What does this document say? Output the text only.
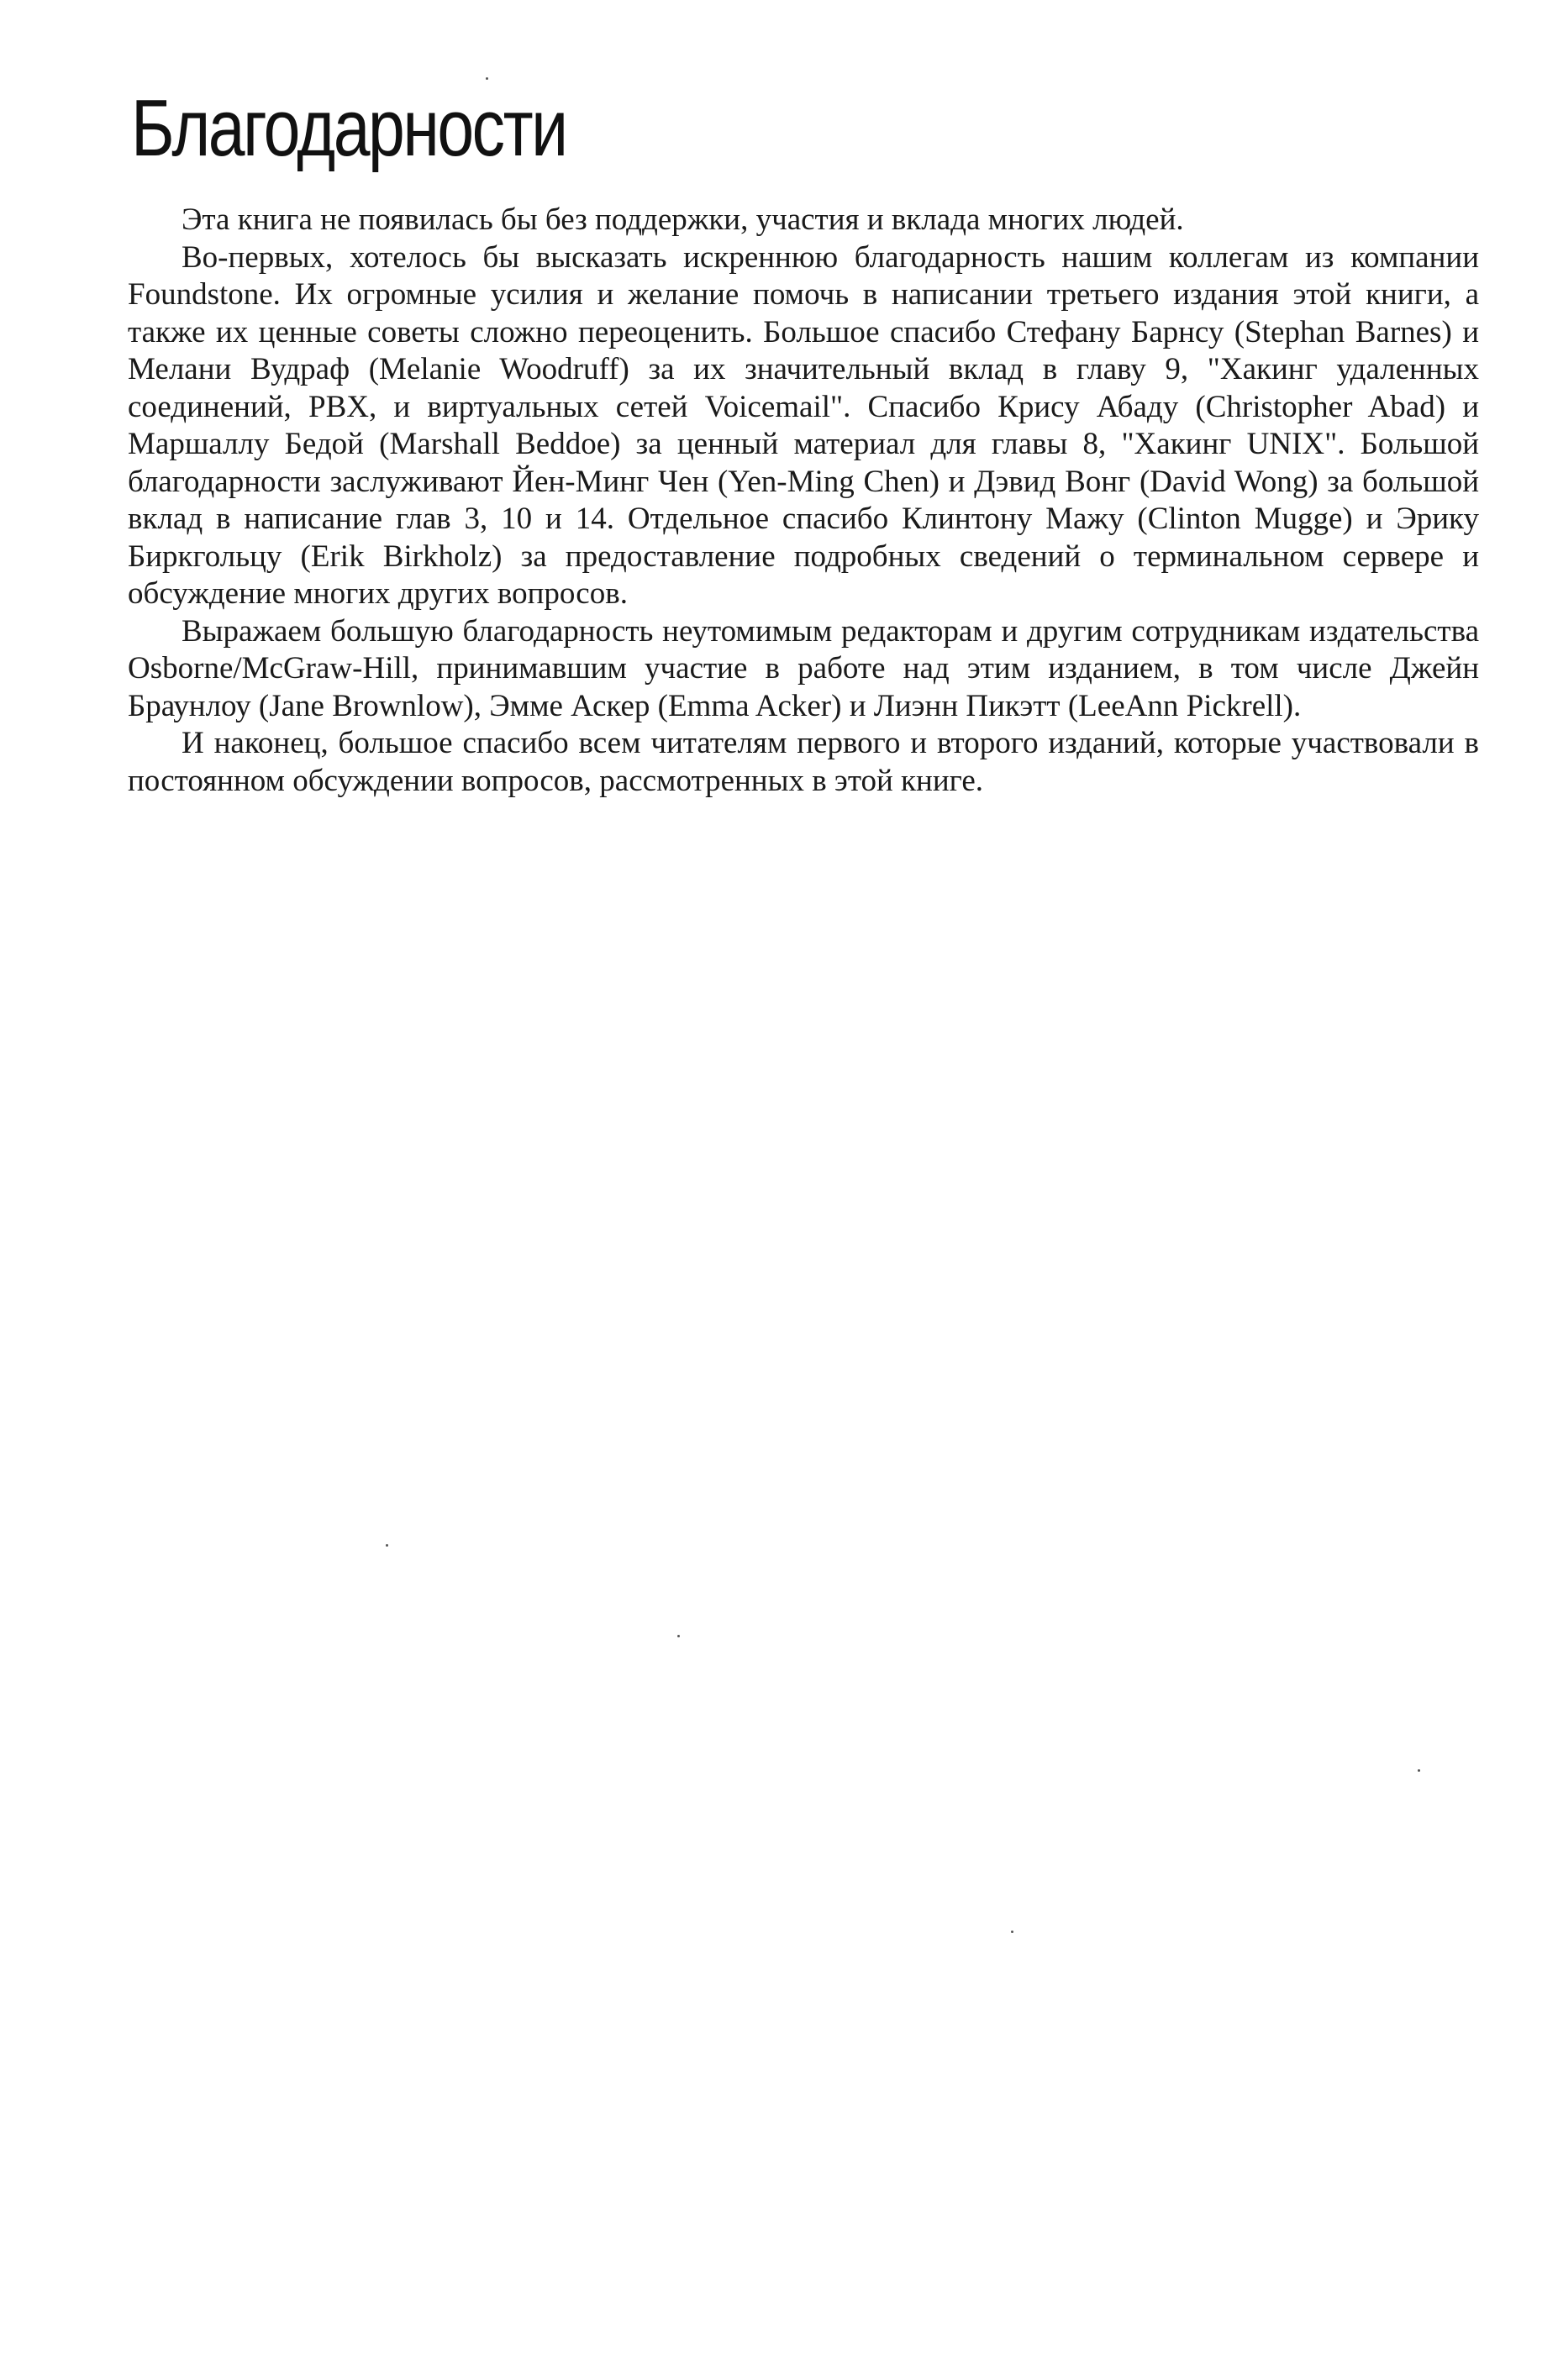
Благодарности

Эта книга не появилась бы без поддержки, участия и вклада многих людей.

Во-первых, хотелось бы высказать искреннюю благодарность нашим коллегам из компании Foundstone. Их огромные усилия и желание помочь в написании третьего издания этой книги, а также их ценные советы сложно переоценить. Большое спасибо Стефану Барнсу (Stephan Barnes) и Мелани Вудраф (Melanie Woodruff) за их значительный вклад в главу 9, "Хакинг удаленных соединений, PBX, и виртуальных сетей Voicemail". Спасибо Крису Абаду (Christopher Abad) и Маршаллу Бедой (Marshall Beddoe) за ценный материал для главы 8, "Хакинг UNIX". Большой благодарности заслуживают Йен-Минг Чен (Yen-Ming Chen) и Дэвид Вонг (David Wong) за большой вклад в написание глав 3, 10 и 14. Отдельное спасибо Клинтону Мажу (Clinton Mugge) и Эрику Биркгольцу (Erik Birkholz) за предоставление подробных сведений о терминальном сервере и обсуждение многих других вопросов.

Выражаем большую благодарность неутомимым редакторам и другим сотрудникам издательства Osborne/McGraw-Hill, принимавшим участие в работе над этим изданием, в том числе Джейн Браунлоу (Jane Brownlow), Эмме Аскер (Emma Acker) и Лиэнн Пикэтт (LeeAnn Pickrell).

И наконец, большое спасибо всем читателям первого и второго изданий, которые участвовали в постоянном обсуждении вопросов, рассмотренных в этой книге.
